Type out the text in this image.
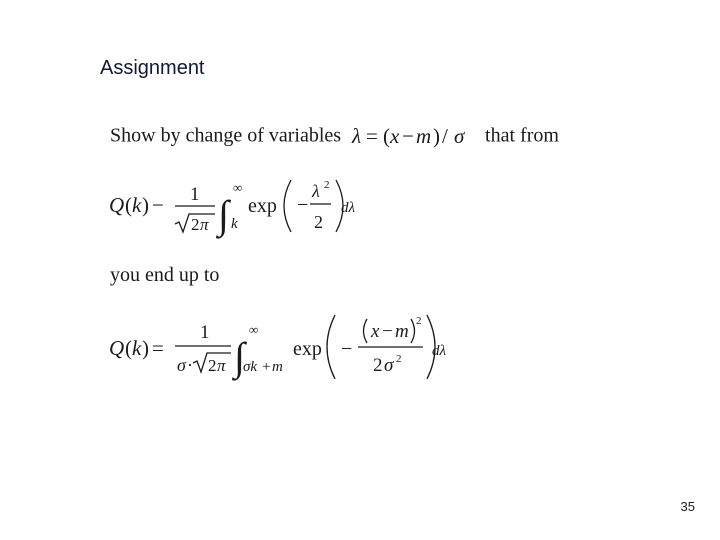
Assignment
Show by change of variables λ = ( x − m ) / σ that from
Q ( k ) − 1
2 π ∫
∞
k
exp −
λ 2
2
dλ
you end up to
Q ( k ) =
1
σ · 2 π ∫
∞
σk + m
exp −
x − m 2
2 σ 2 dλ
35
